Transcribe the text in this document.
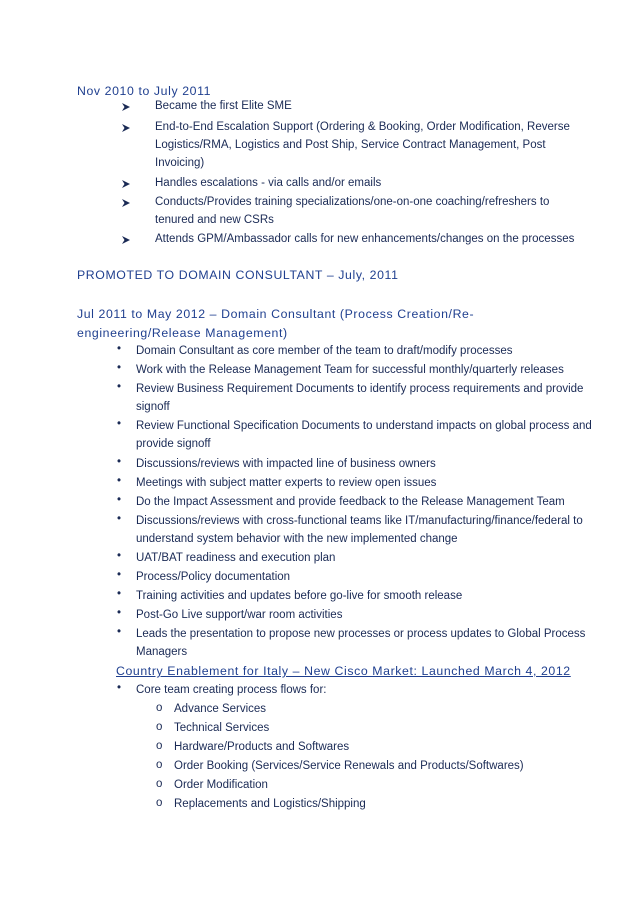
Nov 2010 to July 2011
Became the first Elite SME
End-to-End Escalation Support (Ordering & Booking, Order Modification, Reverse
Logistics/RMA, Logistics and Post Ship, Service Contract Management, Post
Invoicing)
Handles escalations - via calls and/or emails
Conducts/Provides training specializations/one-on-one coaching/refreshers to
tenured and new CSRs
Attends GPM/Ambassador calls for new enhancements/changes on the processes
PROMOTED TO DOMAIN CONSULTANT – July, 2011
Jul 2011 to May 2012 – Domain Consultant (Process Creation/Re-
engineering/Release Management)
• Domain Consultant as core member of the team to draft/modify processes
• Work with the Release Management Team for successful monthly/quarterly releases
• Review Business Requirement Documents to identify process requirements and provide
signoff
• Review Functional Specification Documents to understand impacts on global process and
provide signoff
• Discussions/reviews with impacted line of business owners
• Meetings with subject matter experts to review open issues
• Do the Impact Assessment and provide feedback to the Release Management Team
• Discussions/reviews with cross-functional teams like IT/manufacturing/finance/federal to
understand system behavior with the new implemented change
• UAT/BAT readiness and execution plan
• Process/Policy documentation
• Training activities and updates before go-live for smooth release
• Post-Go Live support/war room activities
• Leads the presentation to propose new processes or process updates to Global Process
Managers
Country Enablement for Italy – New Cisco Market: Launched March 4, 2012
• Core team creating process flows for:
o Advance Services
o Technical Services
o Hardware/Products and Softwares
o Order Booking (Services/Service Renewals and Products/Softwares)
o Order Modification
o Replacements and Logistics/Shipping
